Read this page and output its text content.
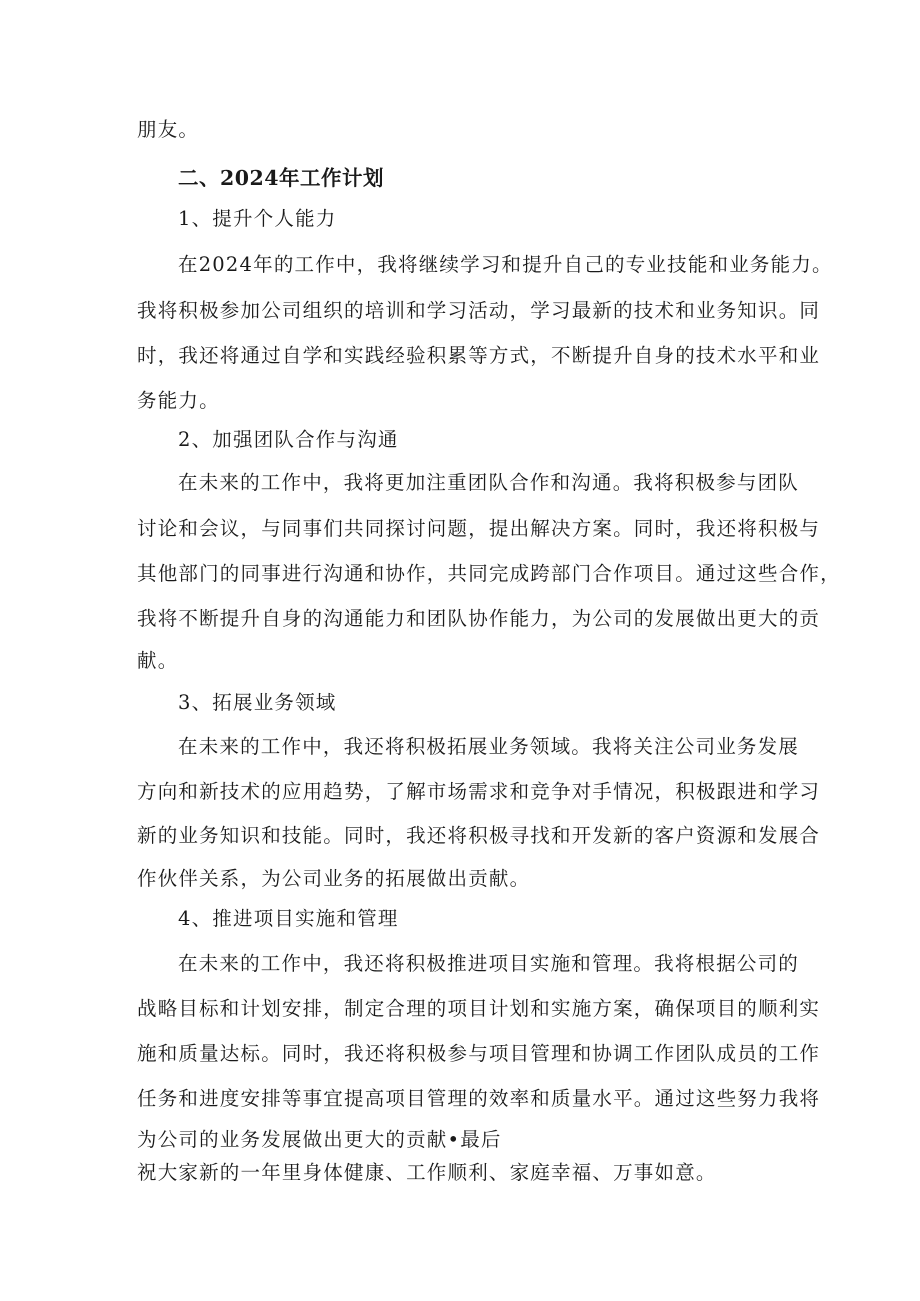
朋友。
二、2024年工作计划
1、提升个人能力
在2024年的工作中，我将继续学习和提升自己的专业技能和业务能力。
我将积极参加公司组织的培训和学习活动，学习最新的技术和业务知识。同
时，我还将通过自学和实践经验积累等方式，不断提升自身的技术水平和业
务能力。
2、加强团队合作与沟通
在未来的工作中，我将更加注重团队合作和沟通。我将积极参与团队
讨论和会议，与同事们共同探讨问题，提出解决方案。同时，我还将积极与
其他部门的同事进行沟通和协作，共同完成跨部门合作项目。通过这些合作，
我将不断提升自身的沟通能力和团队协作能力，为公司的发展做出更大的贡
献。
3、拓展业务领域
在未来的工作中，我还将积极拓展业务领域。我将关注公司业务发展
方向和新技术的应用趋势，了解市场需求和竞争对手情况，积极跟进和学习
新的业务知识和技能。同时，我还将积极寻找和开发新的客户资源和发展合
作伙伴关系，为公司业务的拓展做出贡献。
4、推进项目实施和管理
在未来的工作中，我还将积极推进项目实施和管理。我将根据公司的
战略目标和计划安排，制定合理的项目计划和实施方案，确保项目的顺利实
施和质量达标。同时，我还将积极参与项目管理和协调工作团队成员的工作
任务和进度安排等事宜提高项目管理的效率和质量水平。通过这些努力我将
为公司的业务发展做出更大的贡献•最后
祝大家新的一年里身体健康、工作顺利、家庭幸福、万事如意。
